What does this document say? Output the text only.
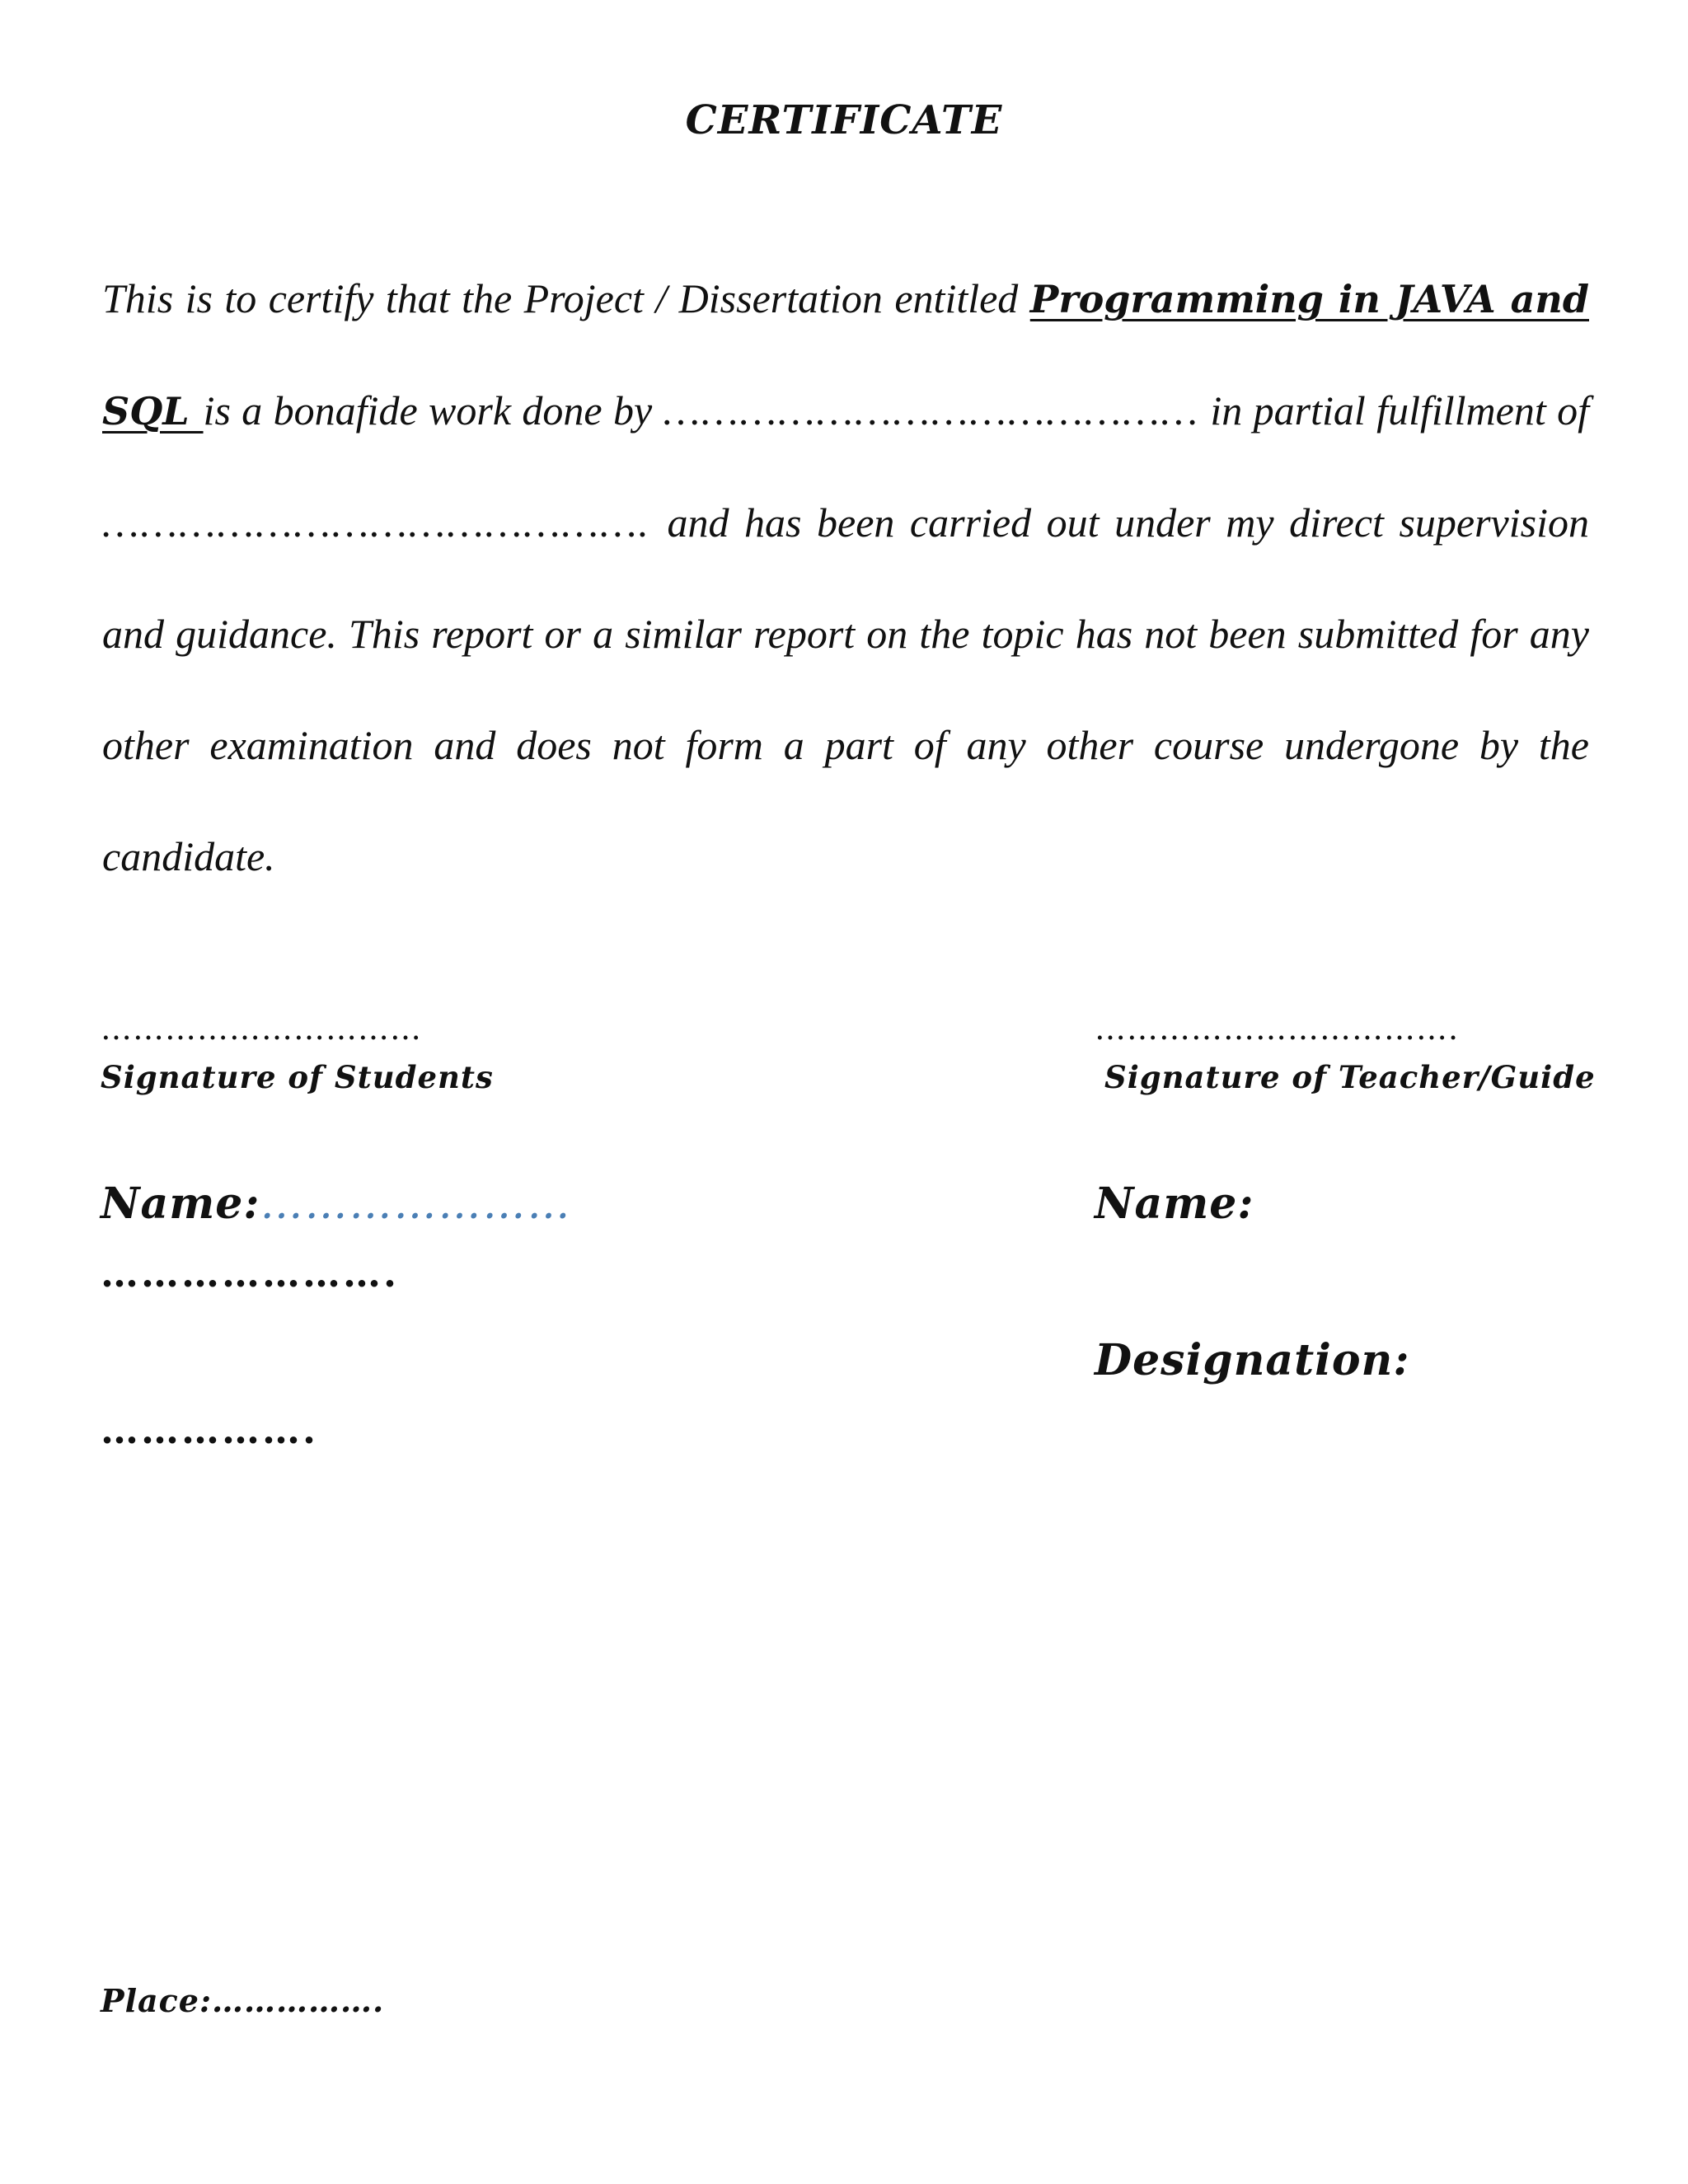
CERTIFICATE
This is to certify that the Project / Dissertation entitled Programming in JAVA and SQL is a bonafide work done by …………………………………… in partial fulfillment of ……………………………………. and has been carried out under my direct supervision and guidance. This report or a similar report on the topic has not been submitted for any other examination and does not form a part of any other course undergone by the candidate.
…………………………
Signature of Students
…………………………….
Signature of Teacher/Guide
Name:…………………
………………….
…………….
Name:
Designation:
Place:…………….
